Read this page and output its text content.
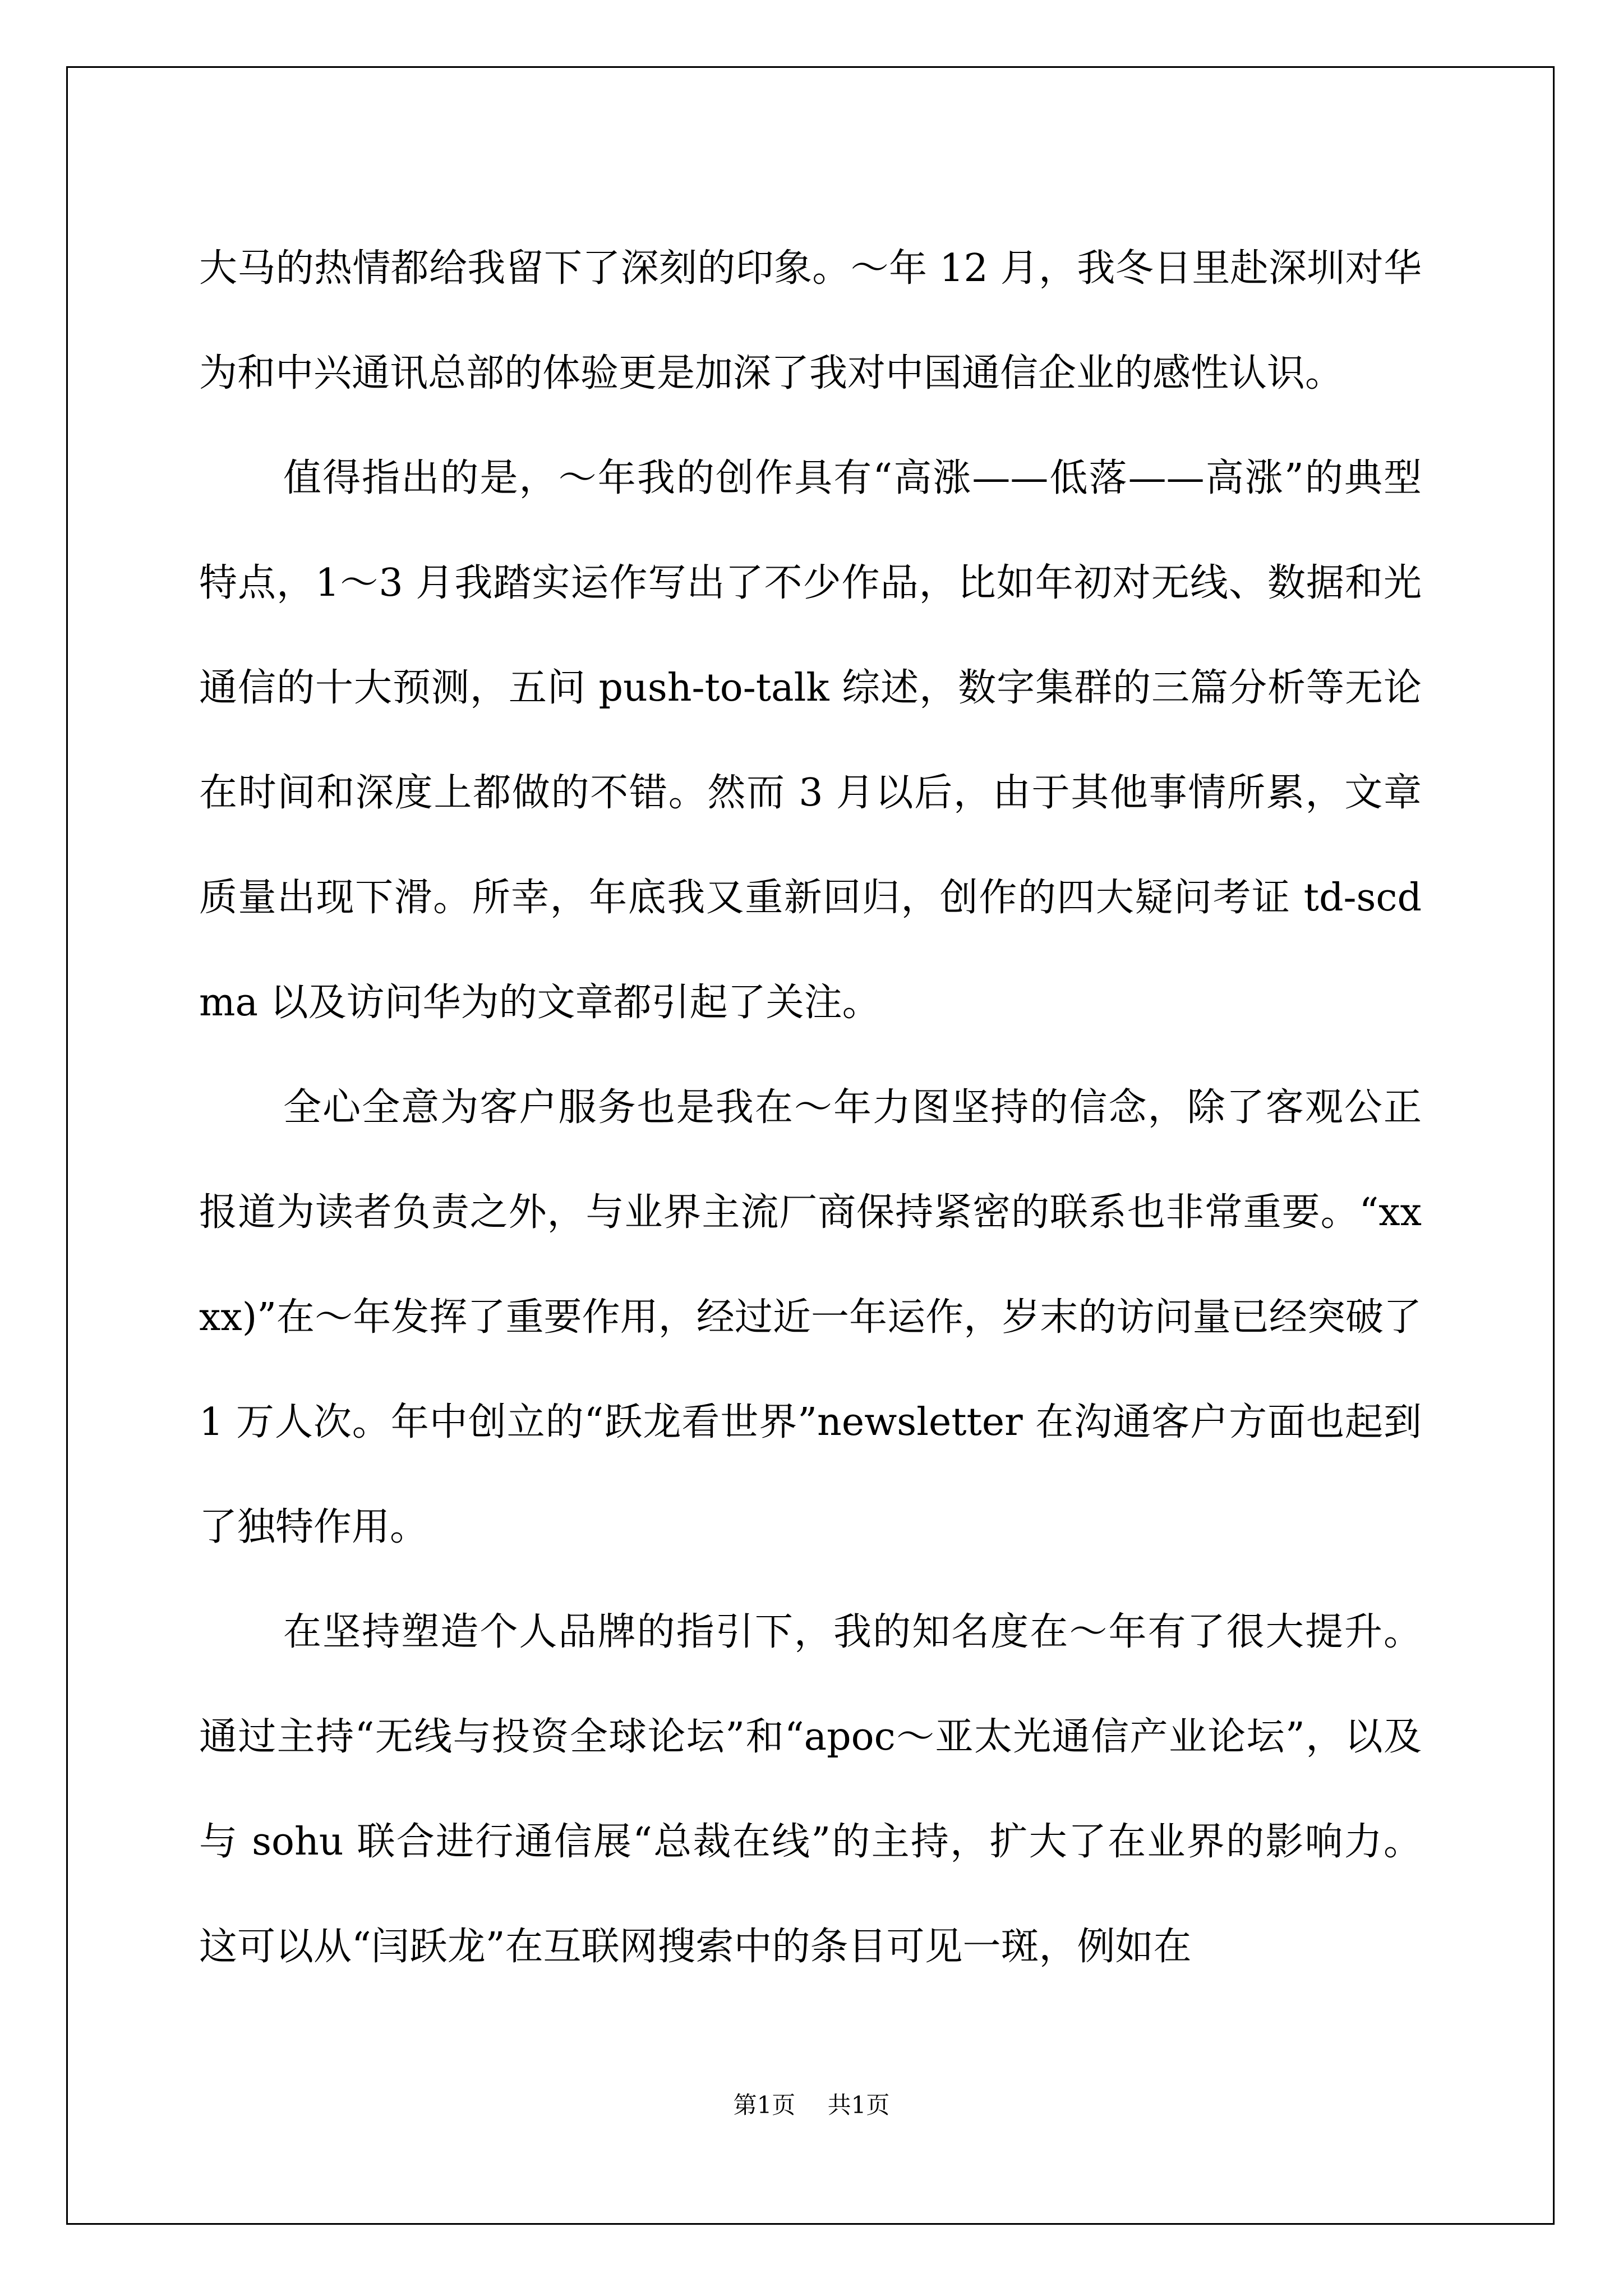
大马的热情都给我留下了深刻的印象。～年 12 月，我冬日里赴深圳对华为和中兴通讯总部的体验更是加深了我对中国通信企业的感性认识。

值得指出的是，～年我的创作具有“高涨——低落——高涨”的典型特点，1～3 月我踏实运作写出了不少作品，比如年初对无线、数据和光通信的十大预测，五问 push-to-talk 综述，数字集群的三篇分析等无论在时间和深度上都做的不错。然而 3 月以后，由于其他事情所累，文章质量出现下滑。所幸，年底我又重新回归，创作的四大疑问考证 td-scdma 以及访问华为的文章都引起了关注。

全心全意为客户服务也是我在～年力图坚持的信念，除了客观公正报道为读者负责之外，与业界主流厂商保持紧密的联系也非常重要。“xxxx)”在～年发挥了重要作用，经过近一年运作，岁末的访问量已经突破了 1 万人次。年中创立的“跃龙看世界”newsletter 在沟通客户方面也起到了独特作用。

在坚持塑造个人品牌的指引下，我的知名度在～年有了很大提升。通过主持“无线与投资全球论坛”和“apoc～亚太光通信产业论坛”，以及与 sohu 联合进行通信展“总裁在线”的主持，扩大了在业界的影响力。这可以从“闫跃龙”在互联网搜索中的条目可见一斑，例如在

第1页 共1页
